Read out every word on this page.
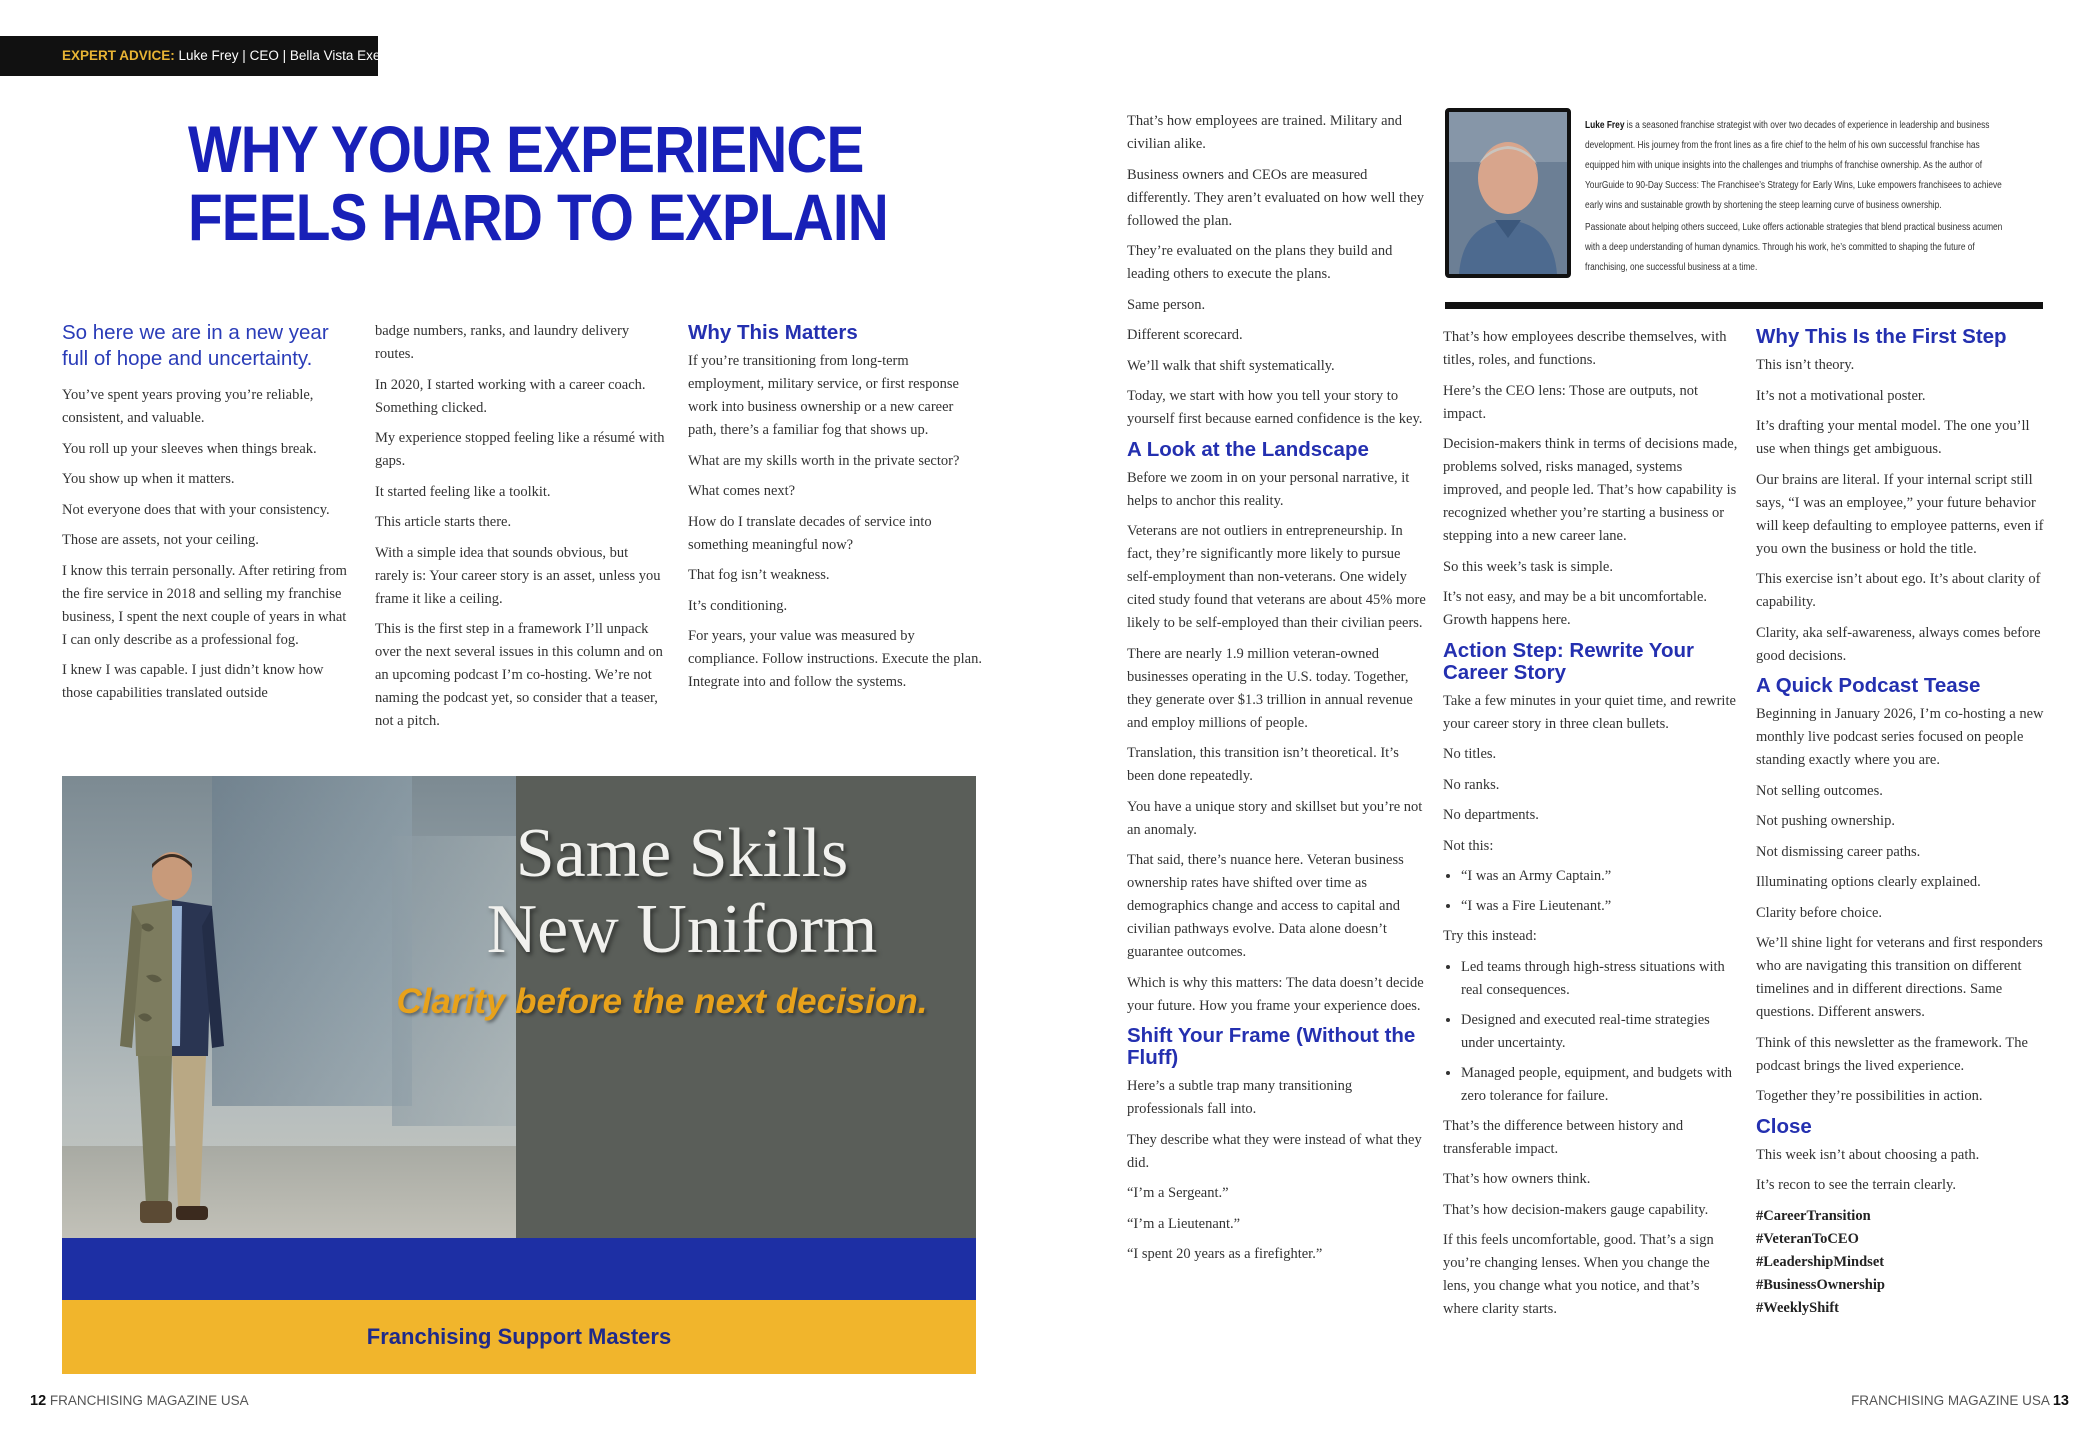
EXPERT ADVICE: Luke Frey | CEO | Bella Vista Executive Advisors
WHY YOUR EXPERIENCE
FEELS HARD TO EXPLAIN
So here we are in a new year full of hope and uncertainty.

You’ve spent years proving you’re reliable, consistent, and valuable.

You roll up your sleeves when things break.

You show up when it matters.

Not everyone does that with your consistency.

Those are assets, not your ceiling.

I know this terrain personally. After retiring from the fire service in 2018 and selling my franchise business, I spent the next couple of years in what I can only describe as a professional fog.

I knew I was capable. I just didn’t know how those capabilities translated outside

badge numbers, ranks, and laundry delivery routes.

In 2020, I started working with a career coach. Something clicked.

My experience stopped feeling like a résumé with gaps.

It started feeling like a toolkit.

This article starts there.

With a simple idea that sounds obvious, but rarely is: Your career story is an asset, unless you frame it like a ceiling.

This is the first step in a framework I’ll unpack over the next several issues in this column and on an upcoming podcast I’m co-hosting. We’re not naming the podcast yet, so consider that a teaser, not a pitch.

Why This Matters

If you’re transitioning from long-term employment, military service, or first response work into business ownership or a new career path, there’s a familiar fog that shows up.

What are my skills worth in the private sector?

What comes next?

How do I translate decades of service into something meaningful now?

That fog isn’t weakness.

It’s conditioning.

For years, your value was measured by compliance. Follow instructions. Execute the plan. Integrate into and follow the systems.

Same Skills
New Uniform
Clarity before the next decision.
Franchising Support Masters

That’s how employees are trained. Military and civilian alike.

Business owners and CEOs are measured differently. They aren’t evaluated on how well they followed the plan.

They’re evaluated on the plans they build and leading others to execute the plans.

Same person.

Different scorecard.

We’ll walk that shift systematically.

Today, we start with how you tell your story to yourself first because earned confidence is the key.

A Look at the Landscape

Before we zoom in on your personal narrative, it helps to anchor this reality.

Veterans are not outliers in entrepreneurship. In fact, they’re significantly more likely to pursue self-employment than non-veterans. One widely cited study found that veterans are about 45% more likely to be self-employed than their civilian peers.

There are nearly 1.9 million veteran-owned businesses operating in the U.S. today. Together, they generate over $1.3 trillion in annual revenue and employ millions of people.

Translation, this transition isn’t theoretical. It’s been done repeatedly.

You have a unique story and skillset but you’re not an anomaly.

That said, there’s nuance here. Veteran business ownership rates have shifted over time as demographics change and access to capital and civilian pathways evolve. Data alone doesn’t guarantee outcomes.

Which is why this matters: The data doesn’t decide your future. How you frame your experience does.

Shift Your Frame (Without the Fluff)

Here’s a subtle trap many transitioning professionals fall into.

They describe what they were instead of what they did.

“I’m a Sergeant.”

“I’m a Lieutenant.”

“I spent 20 years as a firefighter.”

Luke Frey is a seasoned franchise strategist with over two decades of experience in leadership and business development. His journey from the front lines as a fire chief to the helm of his own successful franchise has equipped him with unique insights into the challenges and triumphs of franchise ownership. As the author of YourGuide to 90-Day Success: The Franchisee’s Strategy for Early Wins, Luke empowers franchisees to achieve early wins and sustainable growth by shortening the steep learning curve of business ownership.

Passionate about helping others succeed, Luke offers actionable strategies that blend practical business acumen with a deep understanding of human dynamics. Through his work, he’s committed to shaping the future of franchising, one successful business at a time.

That’s how employees describe themselves, with titles, roles, and functions.

Here’s the CEO lens: Those are outputs, not impact.

Decision-makers think in terms of decisions made, problems solved, risks managed, systems improved, and people led. That’s how capability is recognized whether you’re starting a business or stepping into a new career lane.

So this week’s task is simple.

It’s not easy, and may be a bit uncomfortable. Growth happens here.

Action Step: Rewrite Your Career Story

Take a few minutes in your quiet time, and rewrite your career story in three clean bullets.

No titles.

No ranks.

No departments.

Not this:

• “I was an Army Captain.”
• “I was a Fire Lieutenant.”

Try this instead:

• Led teams through high-stress situations with real consequences.
• Designed and executed real-time strategies under uncertainty.
• Managed people, equipment, and budgets with zero tolerance for failure.

That’s the difference between history and transferable impact.

That’s how owners think.

That’s how decision-makers gauge capability.

If this feels uncomfortable, good. That’s a sign you’re changing lenses. When you change the lens, you change what you notice, and that’s where clarity starts.

Why This Is the First Step

This isn’t theory.

It’s not a motivational poster.

It’s drafting your mental model. The one you’ll use when things get ambiguous.

Our brains are literal. If your internal script still says, “I was an employee,” your future behavior will keep defaulting to employee patterns, even if you own the business or hold the title.

This exercise isn’t about ego. It’s about clarity of capability.

Clarity, aka self-awareness, always comes before good decisions.

A Quick Podcast Tease

Beginning in January 2026, I’m co-hosting a new monthly live podcast series focused on people standing exactly where you are.

Not selling outcomes.

Not pushing ownership.

Not dismissing career paths.

Illuminating options clearly explained.

Clarity before choice.

We’ll shine light for veterans and first responders who are navigating this transition on different timelines and in different directions. Same questions. Different answers.

Think of this newsletter as the framework. The podcast brings the lived experience.

Together they’re possibilities in action.

Close

This week isn’t about choosing a path.

It’s recon to see the terrain clearly.

#CareerTransition

#VeteranToCEO

#LeadershipMindset

#BusinessOwnership

#WeeklyShift

12 FRANCHISING MAGAZINE USA	FRANCHISING MAGAZINE USA 13
